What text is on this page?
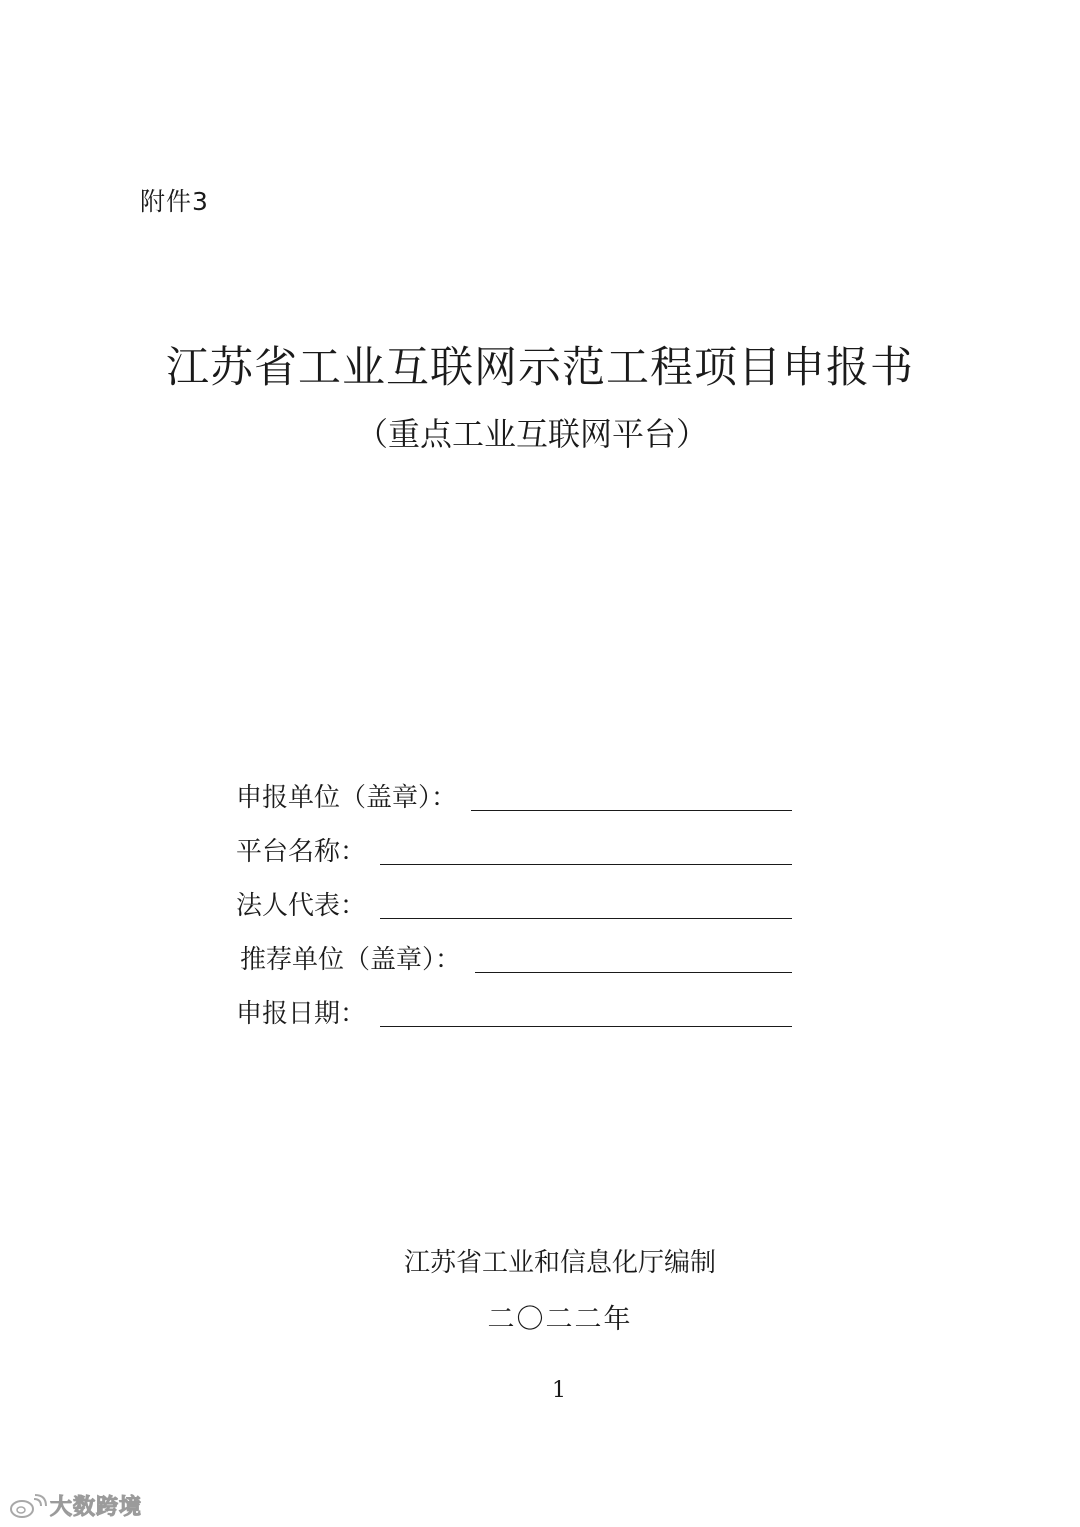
附件3
江苏省工业互联网示范工程项目申报书
（重点工业互联网平台）
申报单位（盖章）：
平台名称：
法人代表：
推荐单位（盖章）：
申报日期：
江苏省工业和信息化厅编制
二〇二二年
1
大数跨境
